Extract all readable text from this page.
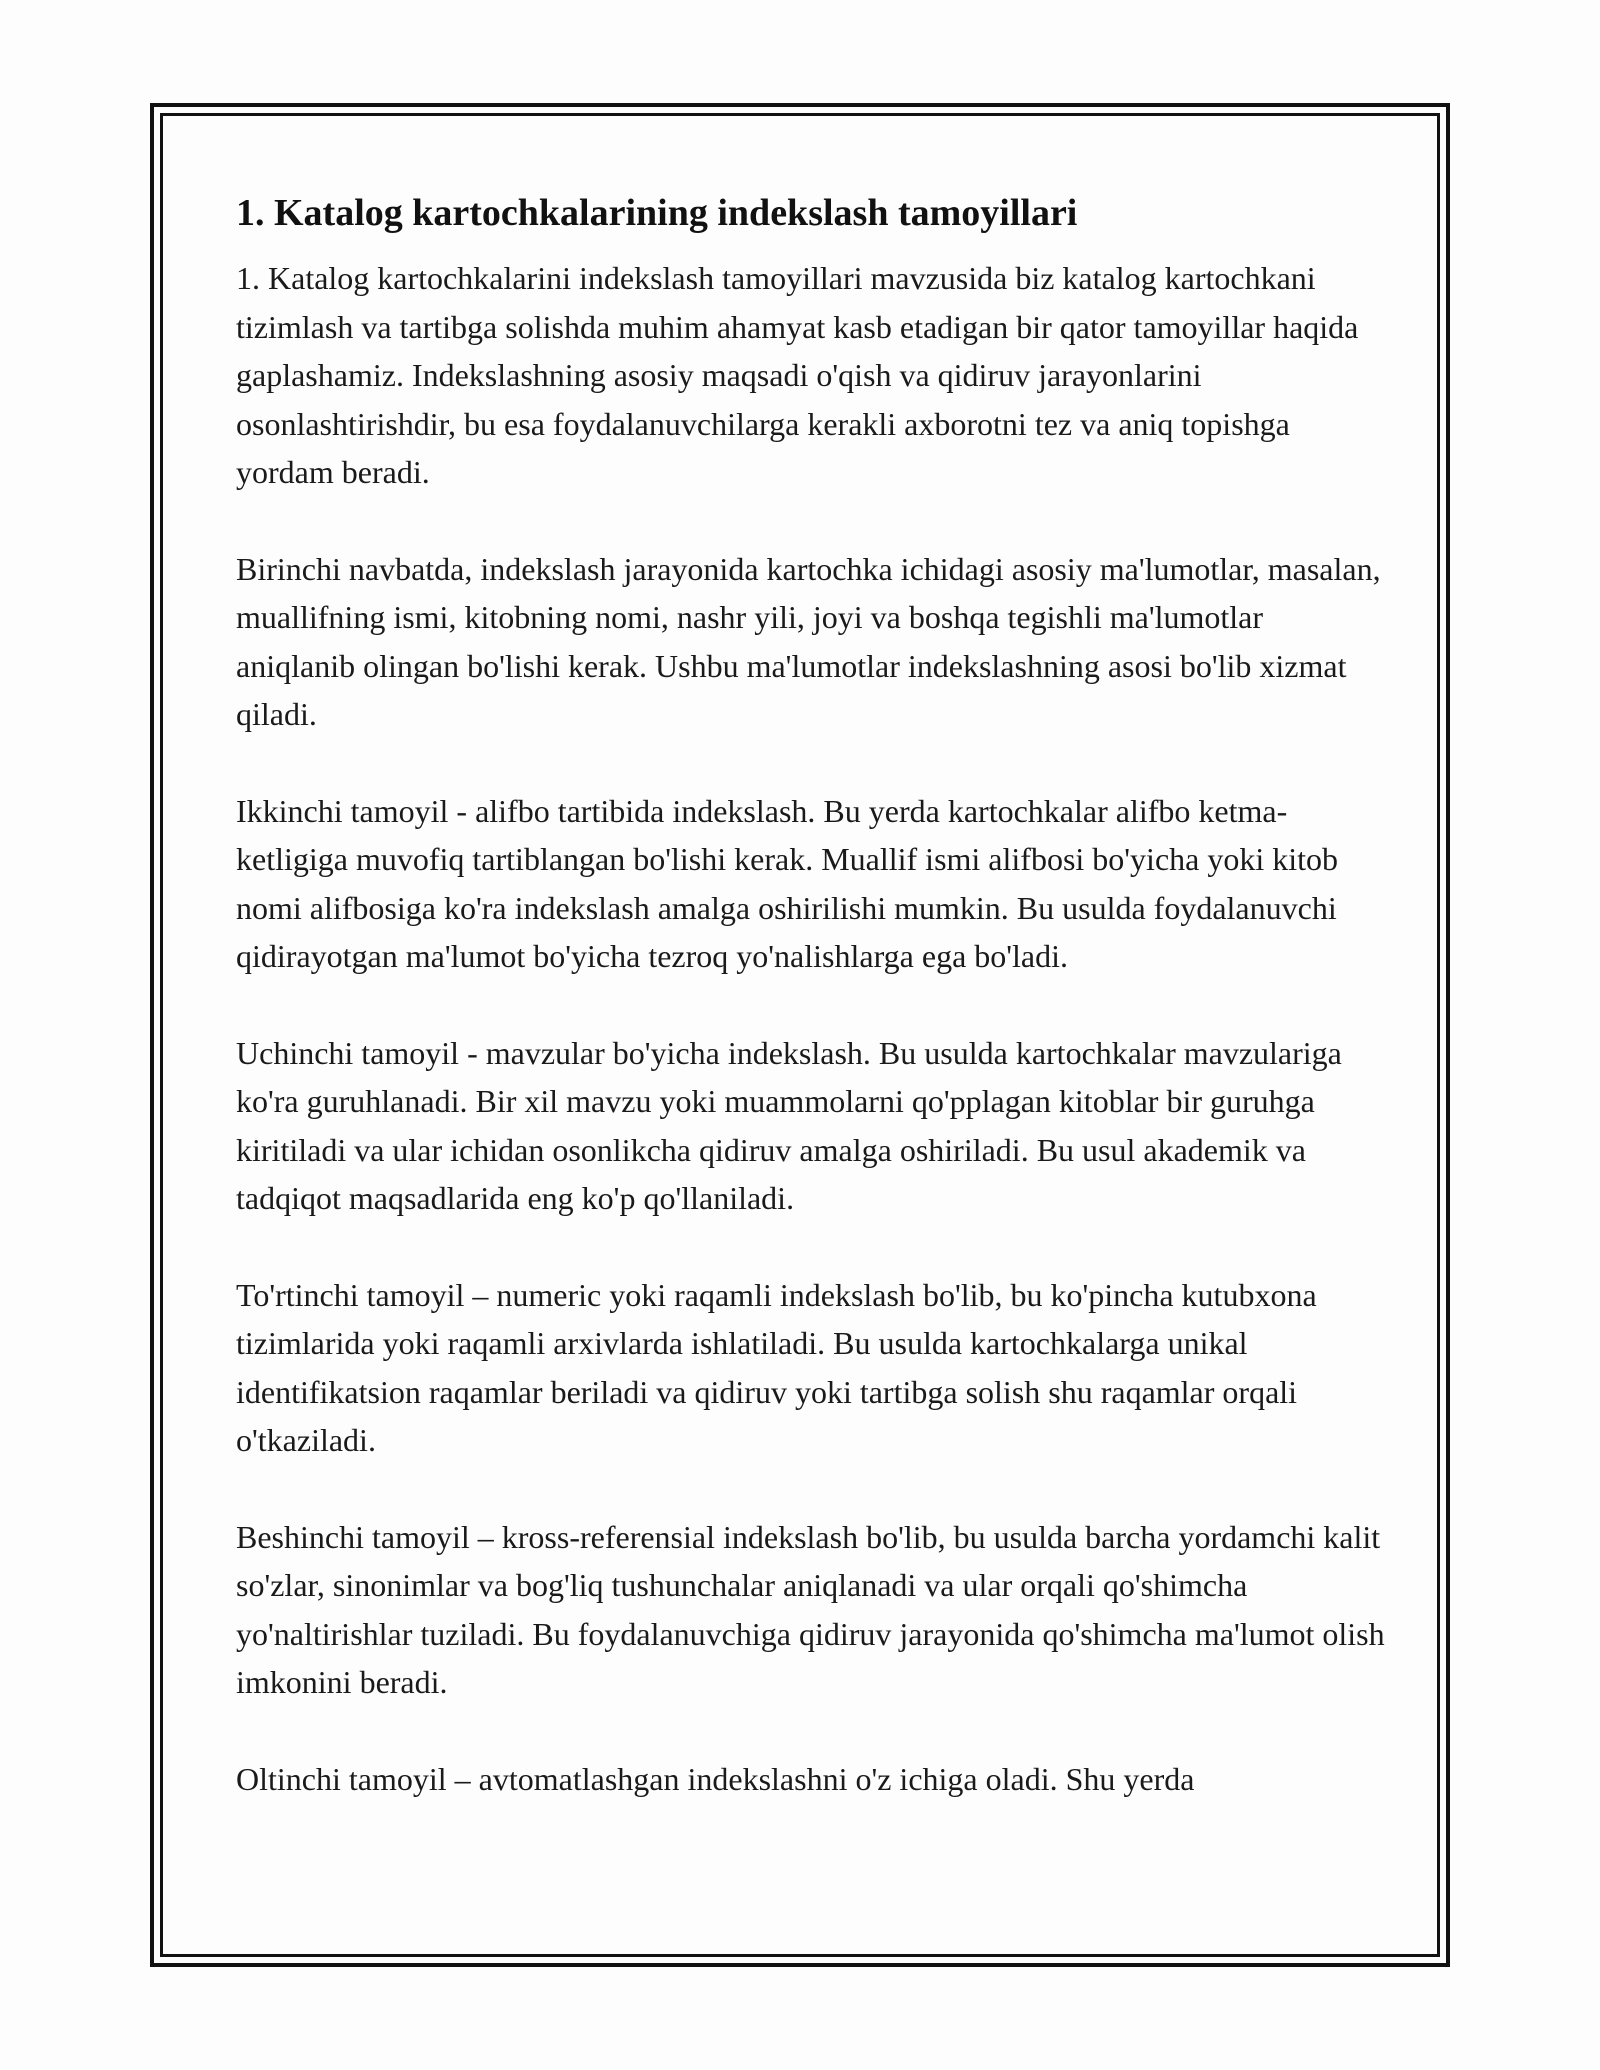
1. Katalog kartochkalarining indekslash tamoyillari

1. Katalog kartochkalarini indekslash tamoyillari mavzusida biz katalog kartochkani tizimlash va tartibga solishda muhim ahamyat kasb etadigan bir qator tamoyillar haqida gaplashamiz. Indekslashning asosiy maqsadi o'qish va qidiruv jarayonlarini osonlashtirishdir, bu esa foydalanuvchilarga kerakli axborotni tez va aniq topishga yordam beradi.

Birinchi navbatda, indekslash jarayonida kartochka ichidagi asosiy ma'lumotlar, masalan, muallifning ismi, kitobning nomi, nashr yili, joyi va boshqa tegishli ma'lumotlar aniqlanib olingan bo'lishi kerak. Ushbu ma'lumotlar indekslashning asosi bo'lib xizmat qiladi.

Ikkinchi tamoyil - alifbo tartibida indekslash. Bu yerda kartochkalar alifbo ketma-ketligiga muvofiq tartiblangan bo'lishi kerak. Muallif ismi alifbosi bo'yicha yoki kitob nomi alifbosiga ko'ra indekslash amalga oshirilishi mumkin. Bu usulda foydalanuvchi qidirayotgan ma'lumot bo'yicha tezroq yo'nalishlarga ega bo'ladi.

Uchinchi tamoyil - mavzular bo'yicha indekslash. Bu usulda kartochkalar mavzulariga ko'ra guruhlanadi. Bir xil mavzu yoki muammolarni qo'pplagan kitoblar bir guruhga kiritiladi va ular ichidan osonlikcha qidiruv amalga oshiriladi. Bu usul akademik va tadqiqot maqsadlarida eng ko'p qo'llaniladi.

To'rtinchi tamoyil – numeric yoki raqamli indekslash bo'lib, bu ko'pincha kutubxona tizimlarida yoki raqamli arxivlarda ishlatiladi. Bu usulda kartochkalarga unikal identifikatsion raqamlar beriladi va qidiruv yoki tartibga solish shu raqamlar orqali o'tkaziladi.

Beshinchi tamoyil – kross-referensial indekslash bo'lib, bu usulda barcha yordamchi kalit so'zlar, sinonimlar va bog'liq tushunchalar aniqlanadi va ular orqali qo'shimcha yo'naltirishlar tuziladi. Bu foydalanuvchiga qidiruv jarayonida qo'shimcha ma'lumot olish imkonini beradi.

Oltinchi tamoyil – avtomatlashgan indekslashni o'z ichiga oladi. Shu yerda
